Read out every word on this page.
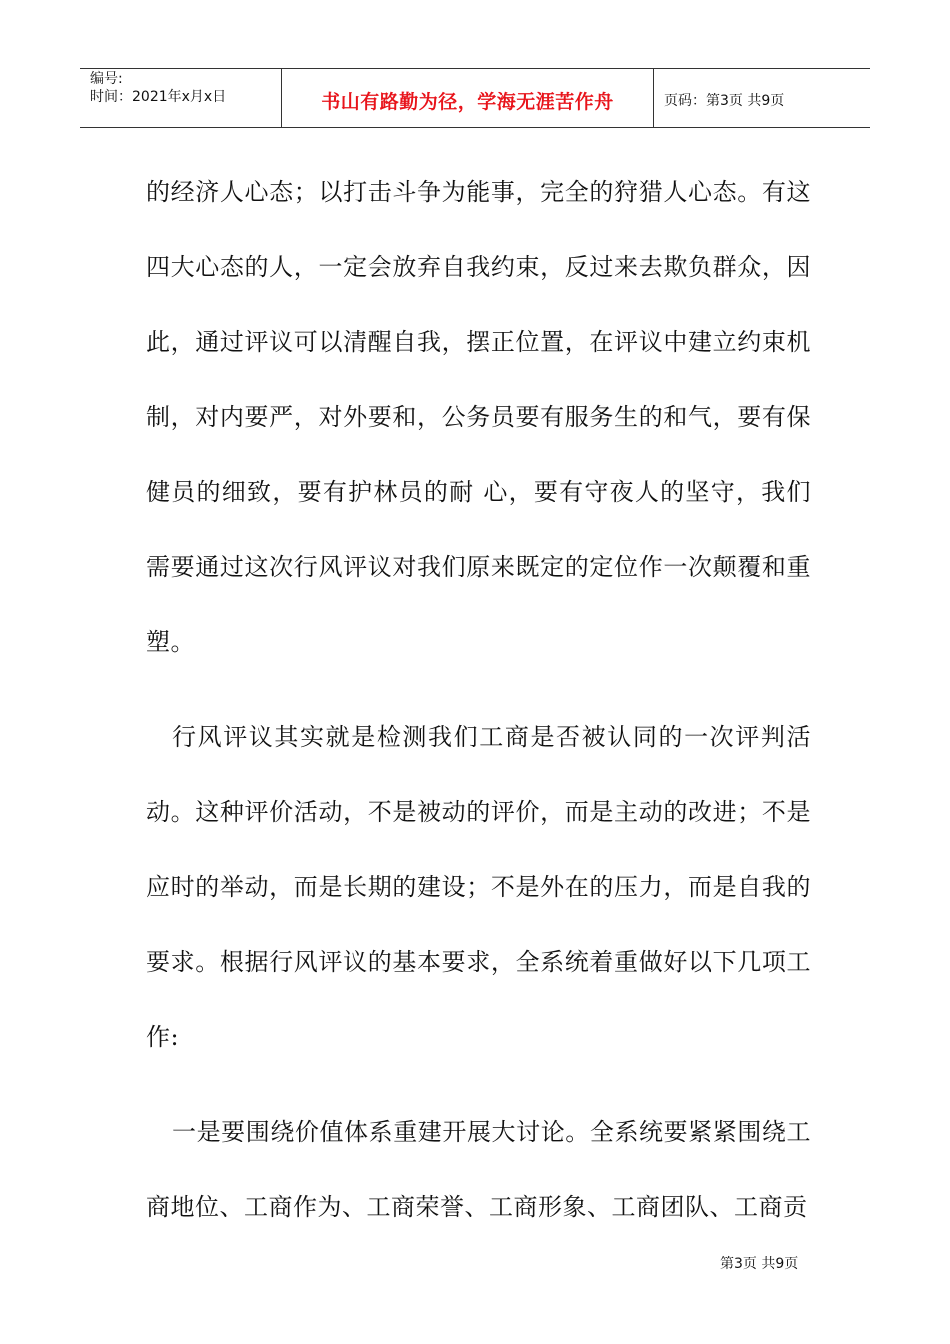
编号:
时间：2021年x月x日	书山有路勤为径，学海无涯苦作舟	页码：第3页 共9页

的经济人心态；以打击斗争为能事，完全的狩猎人心态。有这四大心态的人，一定会放弃自我约束，反过来去欺负群众，因此，通过评议可以清醒自我，摆正位置，在评议中建立约束机制，对内要严，对外要和，公务员要有服务生的和气，要有保健员的细致，要有护林员的耐 心，要有守夜人的坚守，我们需要通过这次行风评议对我们原来既定的定位作一次颠覆和重塑。

行风评议其实就是检测我们工商是否被认同的一次评判活动。这种评价活动，不是被动的评价，而是主动的改进；不是应时的举动，而是长期的建设；不是外在的压力，而是自我的要求。根据行风评议的基本要求，全系统着重做好以下几项工作:

一是要围绕价值体系重建开展大讨论。全系统要紧紧围绕工商地位、工商作为、工商荣誉、工商形象、工商团队、工商贡

第3页 共9页
